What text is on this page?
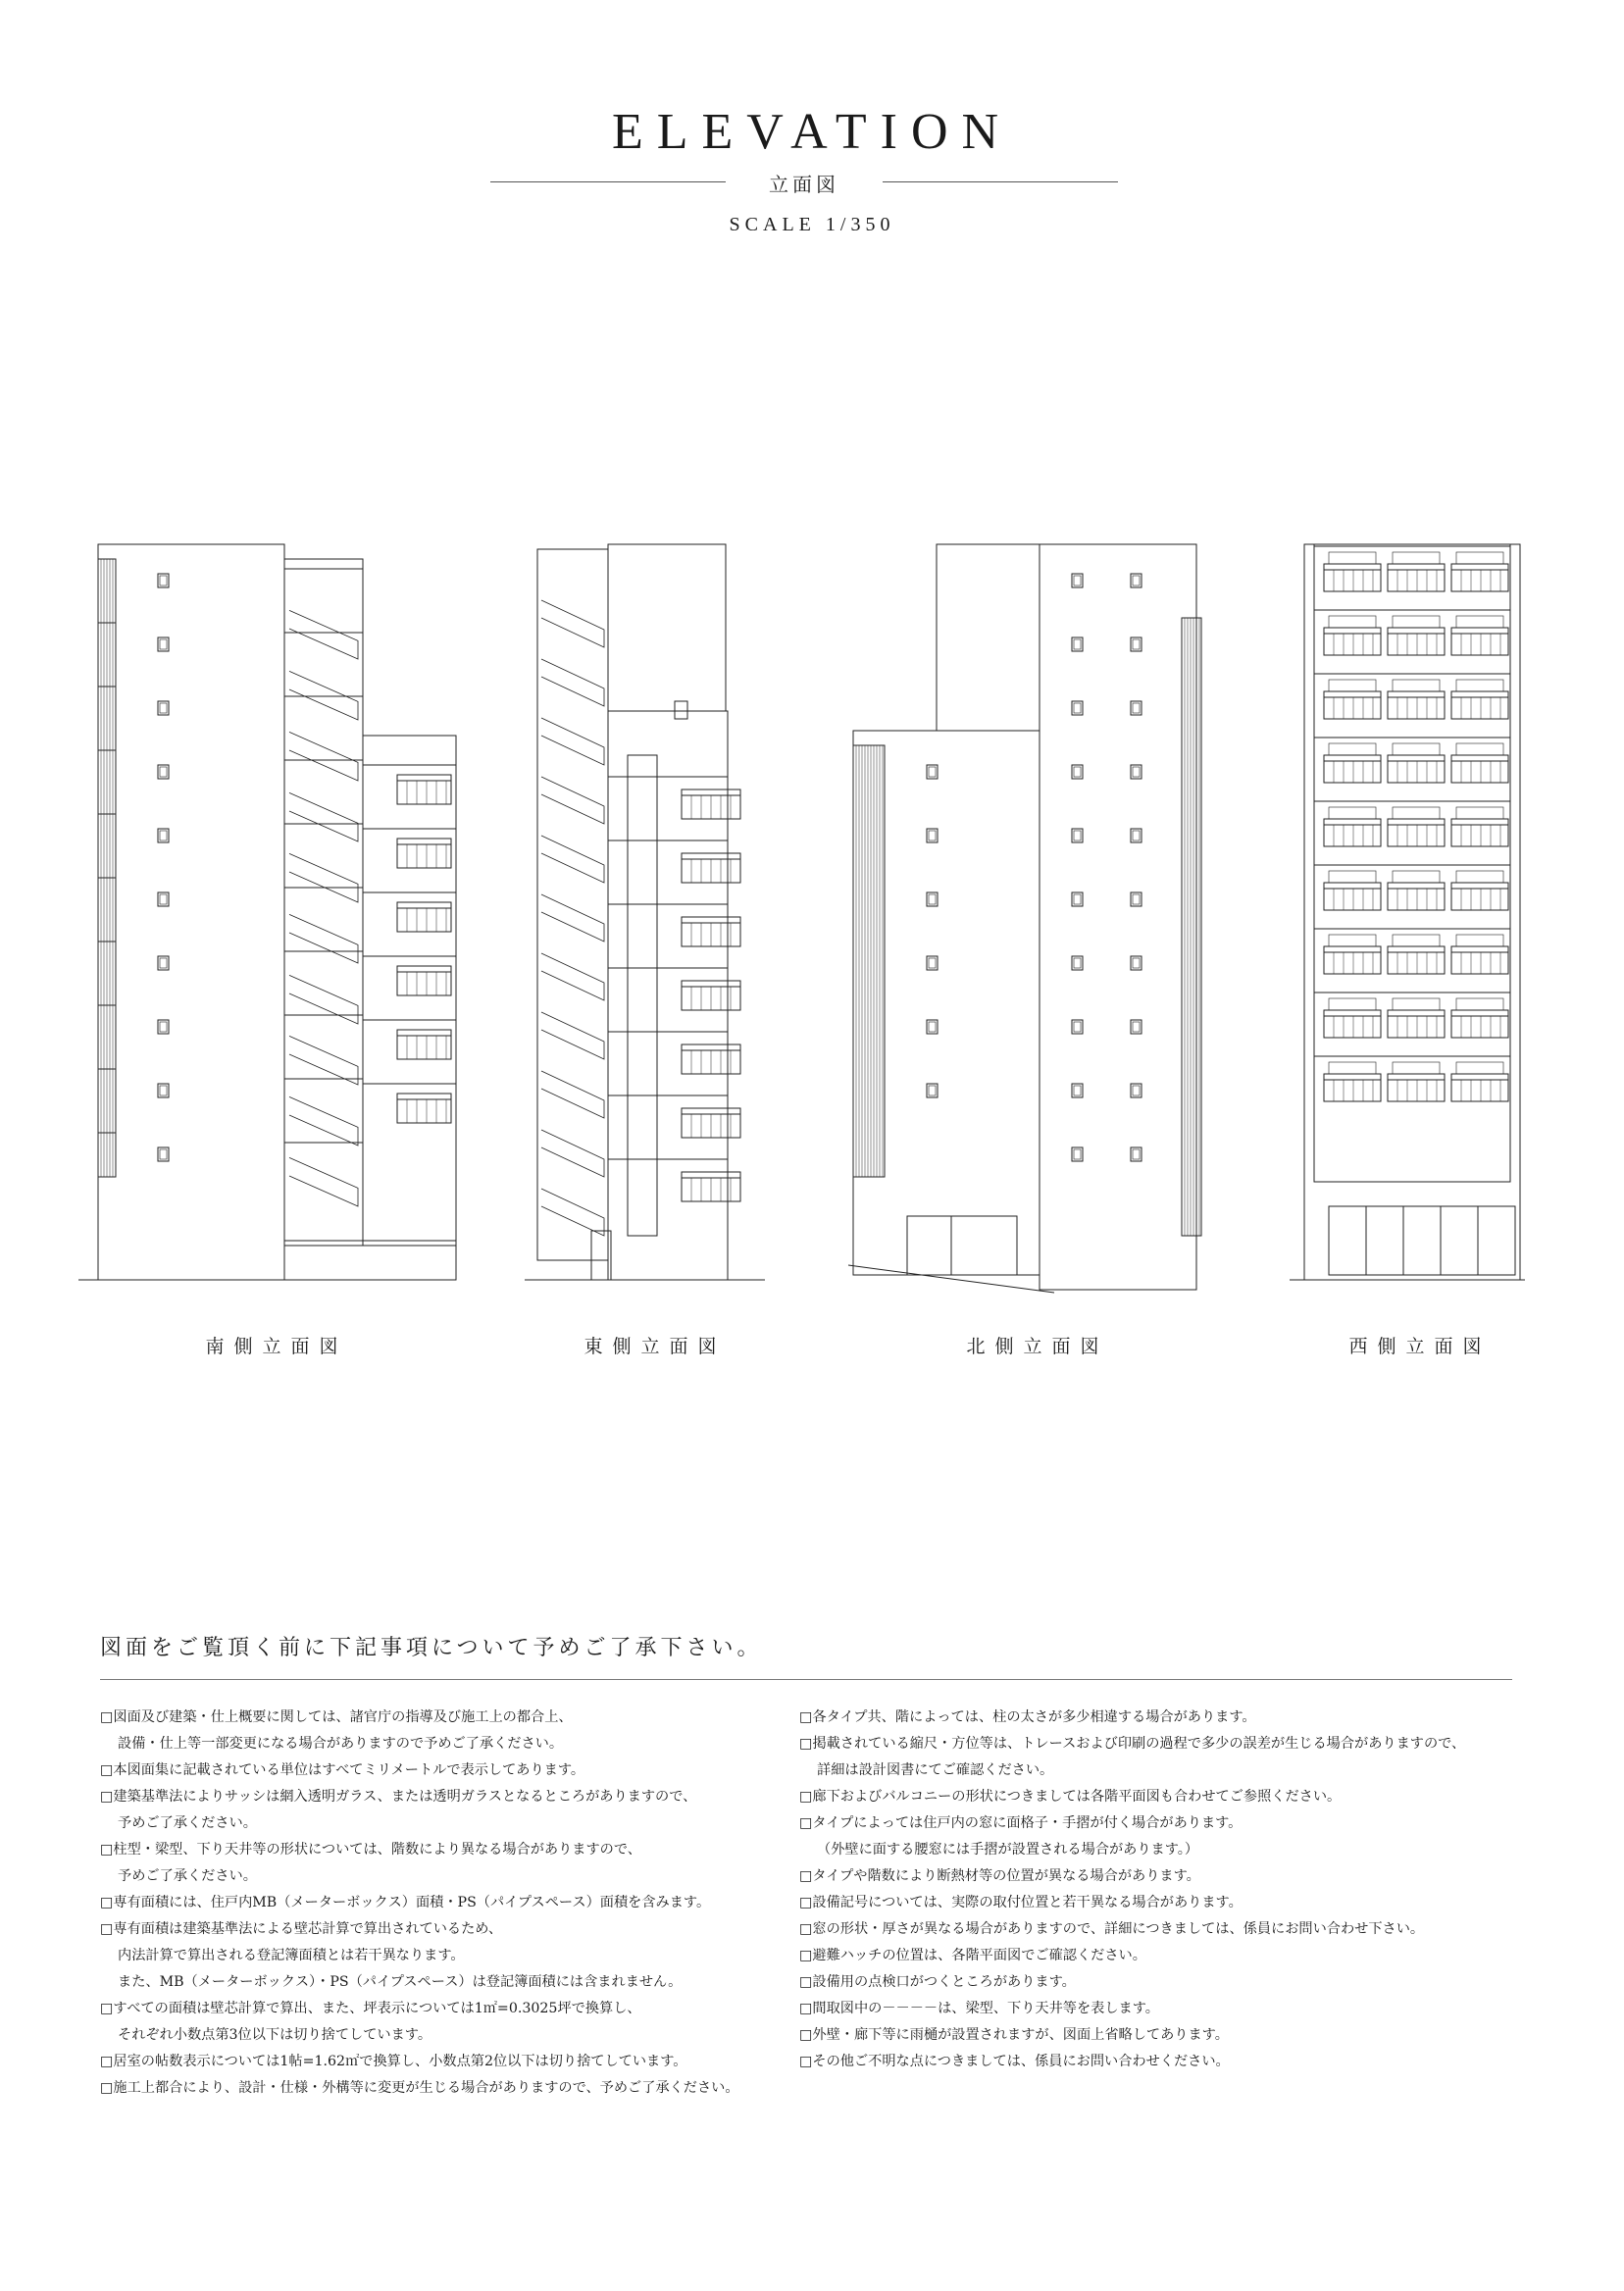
ELEVATION
立面図
SCALE 1/350
南側立面図	東側立面図	北側立面図	西側立面図
図面をご覧頂く前に下記事項について予めご了承下さい。
□図面及び建築・仕上概要に関しては、諸官庁の指導及び施工上の都合上、
設備・仕上等一部変更になる場合がありますので予めご了承ください。
□本図面集に記載されている単位はすべてミリメートルで表示してあります。
□建築基準法によりサッシは網入透明ガラス、または透明ガラスとなるところがありますので、
予めご了承ください。
□柱型・梁型、下り天井等の形状については、階数により異なる場合がありますので、
予めご了承ください。
□専有面積には、住戸内MB（メーターボックス）面積・PS（パイプスペース）面積を含みます。
□専有面積は建築基準法による壁芯計算で算出されているため、
内法計算で算出される登記簿面積とは若干異なります。
また、MB（メーターボックス）・PS（パイプスペース）は登記簿面積には含まれません。
□すべての面積は壁芯計算で算出、また、坪表示については1㎡=0.3025坪で換算し、
それぞれ小数点第3位以下は切り捨てしています。
□居室の帖数表示については1帖=1.62㎡で換算し、小数点第2位以下は切り捨てしています。
□施工上都合により、設計・仕様・外構等に変更が生じる場合がありますので、予めご了承ください。
□各タイプ共、階によっては、柱の太さが多少相違する場合があります。
□掲載されている縮尺・方位等は、トレースおよび印刷の過程で多少の誤差が生じる場合がありますので、
詳細は設計図書にてご確認ください。
□廊下およびバルコニーの形状につきましては各階平面図も合わせてご参照ください。
□タイプによっては住戸内の窓に面格子・手摺が付く場合があります。
（外壁に面する腰窓には手摺が設置される場合があります。）
□タイプや階数により断熱材等の位置が異なる場合があります。
□設備記号については、実際の取付位置と若干異なる場合があります。
□窓の形状・厚さが異なる場合がありますので、詳細につきましては、係員にお問い合わせ下さい。
□避難ハッチの位置は、各階平面図でご確認ください。
□設備用の点検口がつくところがあります。
□間取図中の－－－－は、梁型、下り天井等を表します。
□外壁・廊下等に雨樋が設置されますが、図面上省略してあります。
□その他ご不明な点につきましては、係員にお問い合わせください。
